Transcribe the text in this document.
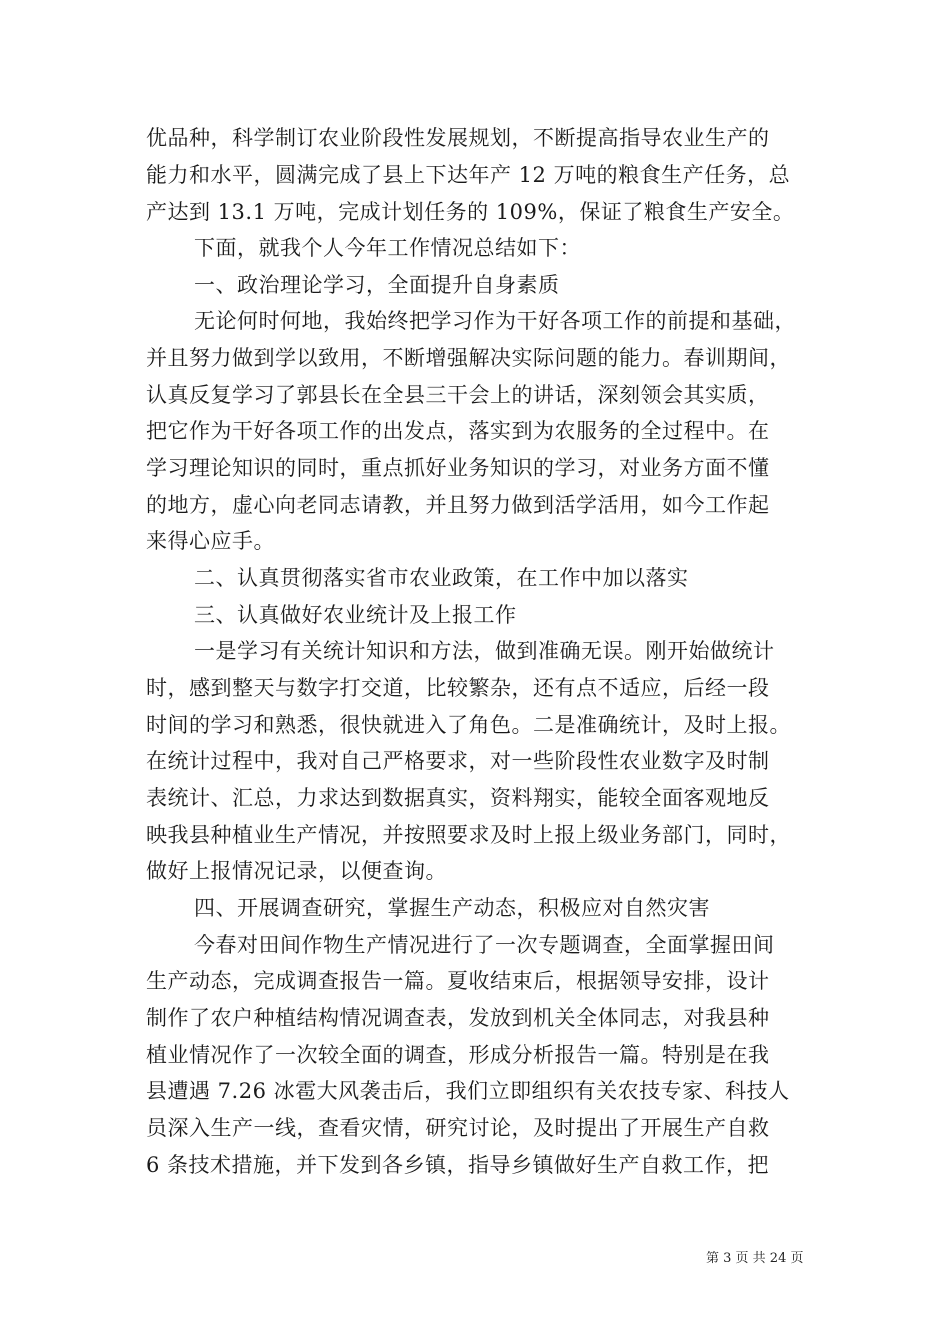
优品种，科学制订农业阶段性发展规划，不断提高指导农业生产的
能力和水平，圆满完成了县上下达年产 12 万吨的粮食生产任务，总
产达到 13.1 万吨，完成计划任务的 109%，保证了粮食生产安全。
下面，就我个人今年工作情况总结如下：
一、政治理论学习，全面提升自身素质
无论何时何地，我始终把学习作为干好各项工作的前提和基础，
并且努力做到学以致用，不断增强解决实际问题的能力。春训期间，
认真反复学习了郭县长在全县三干会上的讲话，深刻领会其实质，
把它作为干好各项工作的出发点，落实到为农服务的全过程中。在
学习理论知识的同时，重点抓好业务知识的学习，对业务方面不懂
的地方，虚心向老同志请教，并且努力做到活学活用，如今工作起
来得心应手。
二、认真贯彻落实省市农业政策，在工作中加以落实
三、认真做好农业统计及上报工作
一是学习有关统计知识和方法，做到准确无误。刚开始做统计
时，感到整天与数字打交道，比较繁杂，还有点不适应，后经一段
时间的学习和熟悉，很快就进入了角色。二是准确统计，及时上报。
在统计过程中，我对自己严格要求，对一些阶段性农业数字及时制
表统计、汇总，力求达到数据真实，资料翔实，能较全面客观地反
映我县种植业生产情况，并按照要求及时上报上级业务部门，同时，
做好上报情况记录，以便查询。
四、开展调查研究，掌握生产动态，积极应对自然灾害
今春对田间作物生产情况进行了一次专题调查，全面掌握田间
生产动态，完成调查报告一篇。夏收结束后，根据领导安排，设计
制作了农户种植结构情况调查表，发放到机关全体同志，对我县种
植业情况作了一次较全面的调查，形成分析报告一篇。特别是在我
县遭遇 7.26 冰雹大风袭击后，我们立即组织有关农技专家、科技人
员深入生产一线，查看灾情，研究讨论，及时提出了开展生产自救
6 条技术措施，并下发到各乡镇，指导乡镇做好生产自救工作，把
第 3 页 共 24 页
